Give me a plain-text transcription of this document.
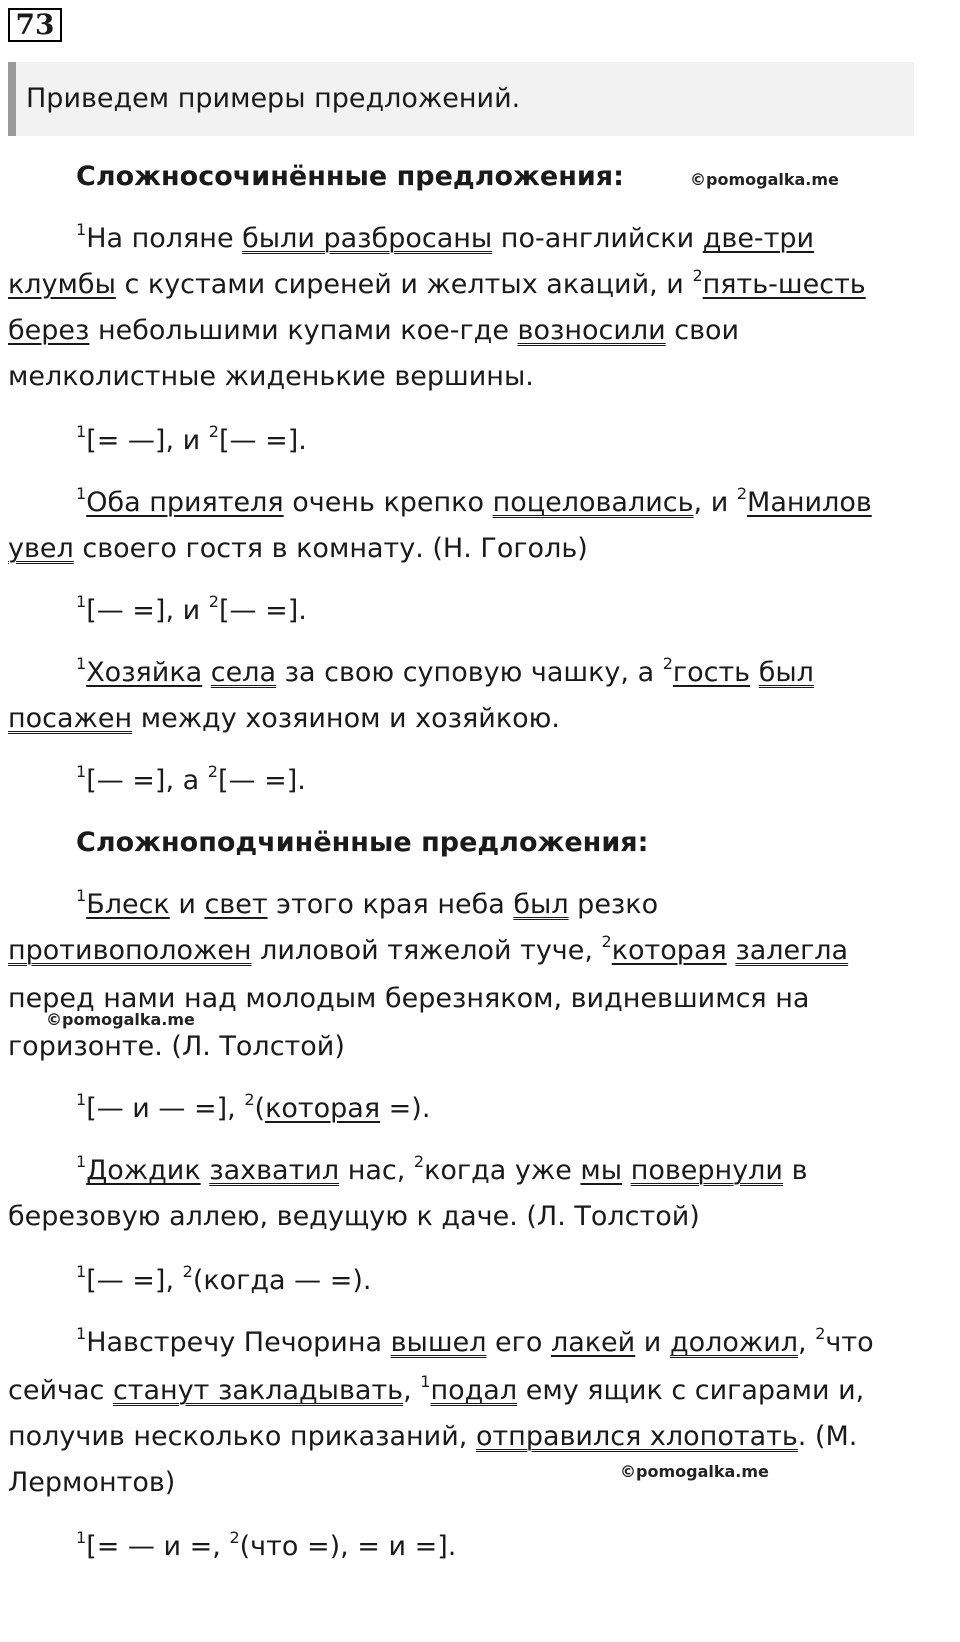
73
Приведем примеры предложений.
Сложносочинённые предложения:	©pomogalka.me
$^1$На поляне были разбросаны по-английски две-три
клумбы с кустами сиреней и желтых акаций, и $^2$пять-шесть
берез небольшими купами кое-где возносили свои
мелколистные жиденькие вершины.
$^1$[= —], и $^2$[— =].
$^1$Оба приятеля очень крепко поцеловались, и $^2$Манилов
увел своего гостя в комнату. (Н. Гоголь)
$^1$[— =], и $^2$[— =].
$^1$Хозяйка села за свою суповую чашку, а $^2$гость был
посажен между хозяином и хозяйкою.
$^1$[— =], а $^2$[— =].
Сложноподчинённые предложения:
$^1$Блеск и свет этого края неба был резко
противоположен лиловой тяжелой туче, $^2$которая залегла
перед нами над молодым березняком, видневшимся на
©pomogalka.me
горизонте. (Л. Толстой)
$^1$[— и — =], $^2$(которая =).
$^1$Дождик захватил нас, $^2$когда уже мы повернули в
березовую аллею, ведущую к даче. (Л. Толстой)
$^1$[— =], $^2$(когда — =).
$^1$Навстречу Печорина вышел его лакей и доложил, $^2$что
сейчас станут закладывать, $^1$подал ему ящик с сигарами и,
получив несколько приказаний, отправился хлопотать. (М.
Лермонтов)	©pomogalka.me
$^1$[= — и =, $^2$(что =), = и =].
